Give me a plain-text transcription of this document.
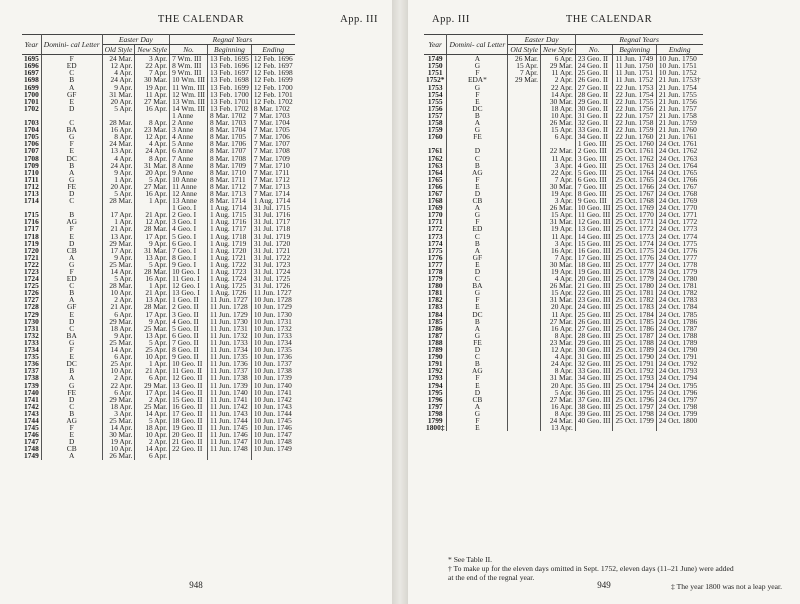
THE CALENDAR	App. III
Year	Domini- cal Letter	Easter Day		Regnal Years		
		Old Style	New Style	No.	Beginning	Ending
1695	F	24 Mar.	3 Apr.	7 Wm. III	13 Feb. 1695	12 Feb. 1696
1696	ED	12 Apr.	22 Apr.	8 Wm. III	13 Feb. 1696	12 Feb. 1697
1697	C	4 Apr.	7 Apr.	9 Wm. III	13 Feb. 1697	12 Feb. 1698
1698	B	24 Apr.	30 Mar.	10 Wm. III	13 Feb. 1698	12 Feb. 1699
1699	A	9 Apr.	19 Apr.	11 Wm. III	13 Feb. 1699	12 Feb. 1700
1700	GF	31 Mar.	11 Apr.	12 Wm. III	13 Feb. 1700	12 Feb. 1701
1701	E	20 Apr.	27 Mar.	13 Wm. III	13 Feb. 1701	12 Feb. 1702
1702	D	5 Apr.	16 Apr.	14 Wm. III	13 Feb. 1702	8 Mar. 1702
				1 Anne	8 Mar. 1702	7 Mar. 1703
1703	C	28 Mar.	8 Apr.	2 Anne	8 Mar. 1703	7 Mar. 1704
1704	BA	16 Apr.	23 Mar.	3 Anne	8 Mar. 1704	7 Mar. 1705
1705	G	8 Apr.	12 Apr.	4 Anne	8 Mar. 1705	7 Mar. 1706
1706	F	24 Mar.	4 Apr.	5 Anne	8 Mar. 1706	7 Mar. 1707
1707	E	13 Apr.	24 Apr.	6 Anne	8 Mar. 1707	7 Mar. 1708
1708	DC	4 Apr.	8 Apr.	7 Anne	8 Mar. 1708	7 Mar. 1709
1709	B	24 Apr.	31 Mar.	8 Anne	8 Mar. 1709	7 Mar. 1710
1710	A	9 Apr.	20 Apr.	9 Anne	8 Mar. 1710	7 Mar. 1711
1711	G	1 Apr.	5 Apr.	10 Anne	8 Mar. 1711	7 Mar. 1712
1712	FE	20 Apr.	27 Mar.	11 Anne	8 Mar. 1712	7 Mar. 1713
1713	D	5 Apr.	16 Apr.	12 Anne	8 Mar. 1713	7 Mar. 1714
1714	C	28 Mar.	1 Apr.	13 Anne	8 Mar. 1714	1 Aug. 1714
				1 Geo. I	1 Aug. 1714	31 Jul. 1715
1715	B	17 Apr.	21 Apr.	2 Geo. I	1 Aug. 1715	31 Jul. 1716
1716	AG	1 Apr.	12 Apr.	3 Geo. I	1 Aug. 1716	31 Jul. 1717
1717	F	21 Apr.	28 Mar.	4 Geo. I	1 Aug. 1717	31 Jul. 1718
1718	E	13 Apr.	17 Apr.	5 Geo. I	1 Aug. 1718	31 Jul. 1719
1719	D	29 Mar.	9 Apr.	6 Geo. I	1 Aug. 1719	31 Jul. 1720
1720	CB	17 Apr.	31 Mar.	7 Geo. I	1 Aug. 1720	31 Jul. 1721
1721	A	9 Apr.	13 Apr.	8 Geo. I	1 Aug. 1721	31 Jul. 1722
1722	G	25 Mar.	5 Apr.	9 Geo. I	1 Aug. 1722	31 Jul. 1723
1723	F	14 Apr.	28 Mar.	10 Geo. I	1 Aug. 1723	31 Jul. 1724
1724	ED	5 Apr.	16 Apr.	11 Geo. I	1 Aug. 1724	31 Jul. 1725
1725	C	28 Mar.	1 Apr.	12 Geo. I	1 Aug. 1725	31 Jul. 1726
1726	B	10 Apr.	21 Apr.	13 Geo. I	1 Aug. 1726	11 Jun. 1727
1727	A	2 Apr.	13 Apr.	1 Geo. II	11 Jun. 1727	10 Jun. 1728
1728	GF	21 Apr.	28 Mar.	2 Geo. II	11 Jun. 1728	10 Jun. 1729
1729	E	6 Apr.	17 Apr.	3 Geo. II	11 Jun. 1729	10 Jun. 1730
1730	D	29 Mar.	9 Apr.	4 Geo. II	11 Jun. 1730	10 Jun. 1731
1731	C	18 Apr.	25 Mar.	5 Geo. II	11 Jun. 1731	10 Jun. 1732
1732	BA	9 Apr.	13 Apr.	6 Geo. II	11 Jun. 1732	10 Jun. 1733
1733	G	25 Mar.	5 Apr.	7 Geo. II	11 Jun. 1733	10 Jun. 1734
1734	F	14 Apr.	25 Apr.	8 Geo. II	11 Jun. 1734	10 Jun. 1735
1735	E	6 Apr.	10 Apr.	9 Geo. II	11 Jun. 1735	10 Jun. 1736
1736	DC	25 Apr.	1 Apr.	10 Geo. II	11 Jun. 1736	10 Jun. 1737
1737	B	10 Apr.	21 Apr.	11 Geo. II	11 Jun. 1737	10 Jun. 1738
1738	A	2 Apr.	6 Apr.	12 Geo. II	11 Jun. 1738	10 Jun. 1739
1739	G	22 Apr.	29 Mar.	13 Geo. II	11 Jun. 1739	10 Jun. 1740
1740	FE	6 Apr.	17 Apr.	14 Geo. II	11 Jun. 1740	10 Jun. 1741
1741	D	29 Mar.	2 Apr.	15 Geo. II	11 Jun. 1741	10 Jun. 1742
1742	C	18 Apr.	25 Mar.	16 Geo. II	11 Jun. 1742	10 Jun. 1743
1743	B	3 Apr.	14 Apr.	17 Geo. II	11 Jun. 1743	10 Jun. 1744
1744	AG	25 Mar.	5 Apr.	18 Geo. II	11 Jun. 1744	10 Jun. 1745
1745	F	14 Apr.	18 Apr.	19 Geo. II	11 Jun. 1745	10 Jun. 1746
1746	E	30 Mar.	10 Apr.	20 Geo. II	11 Jun. 1746	10 Jun. 1747
1747	D	19 Apr.	2 Apr.	21 Geo. II	11 Jun. 1747	10 Jun. 1748
1748	CB	10 Apr.	14 Apr.	22 Geo. II	11 Jun. 1748	10 Jun. 1749
1749	A	26 Mar.	6 Apr.			
948
App. III	THE CALENDAR
Year	Domini- cal Letter	Easter Day		Regnal Years		
		Old Style	New Style	No.	Beginning	Ending
1749	A	26 Mar.	6 Apr.	23 Geo. II	11 Jun. 1749	10 Jun. 1750
1750	G	15 Apr.	29 Mar.	24 Geo. II	11 Jun. 1750	10 Jun. 1751
1751	F	7 Apr.	11 Apr.	25 Geo. II	11 Jun. 1751	10 Jun. 1752
1752*	EDA*	29 Mar.	2 Apr.	26 Geo. II	11 Jun. 1752	21 Jun. 1753†
1753	G		22 Apr.	27 Geo. II	22 Jun. 1753	21 Jun. 1754
1754	F		14 Apr.	28 Geo. II	22 Jun. 1754	21 Jun. 1755
1755	E		30 Mar.	29 Geo. II	22 Jun. 1755	21 Jun. 1756
1756	DC		18 Apr.	30 Geo. II	22 Jun. 1756	21 Jun. 1757
1757	B		10 Apr.	31 Geo. II	22 Jun. 1757	21 Jun. 1758
1758	A		26 Mar.	32 Geo. II	22 Jun. 1758	21 Jun. 1759
1759	G		15 Apr.	33 Geo. II	22 Jun. 1759	21 Jun. 1760
1760	FE		6 Apr.	34 Geo. II	22 Jun. 1760	21 Jun. 1761
				1 Geo. III	25 Oct. 1760	24 Oct. 1761
1761	D		22 Mar.	2 Geo. III	25 Oct. 1761	24 Oct. 1762
1762	C		11 Apr.	3 Geo. III	25 Oct. 1762	24 Oct. 1763
1763	B		3 Apr.	4 Geo. III	25 Oct. 1763	24 Oct. 1764
1764	AG		22 Apr.	5 Geo. III	25 Oct. 1764	24 Oct. 1765
1765	F		7 Apr.	6 Geo. III	25 Oct. 1765	24 Oct. 1766
1766	E		30 Mar.	7 Geo. III	25 Oct. 1766	24 Oct. 1767
1767	D		19 Apr.	8 Geo. III	25 Oct. 1767	24 Oct. 1768
1768	CB		3 Apr.	9 Geo. III	25 Oct. 1768	24 Oct. 1769
1769	A		26 Mar.	10 Geo. III	25 Oct. 1769	24 Oct. 1770
1770	G		15 Apr.	11 Geo. III	25 Oct. 1770	24 Oct. 1771
1771	F		31 Mar.	12 Geo. III	25 Oct. 1771	24 Oct. 1772
1772	ED		19 Apr.	13 Geo. III	25 Oct. 1772	24 Oct. 1773
1773	C		11 Apr.	14 Geo. III	25 Oct. 1773	24 Oct. 1774
1774	B		3 Apr.	15 Geo. III	25 Oct. 1774	24 Oct. 1775
1775	A		16 Apr.	16 Geo. III	25 Oct. 1775	24 Oct. 1776
1776	GF		7 Apr.	17 Geo. III	25 Oct. 1776	24 Oct. 1777
1777	E		30 Mar.	18 Geo. III	25 Oct. 1777	24 Oct. 1778
1778	D		19 Apr.	19 Geo. III	25 Oct. 1778	24 Oct. 1779
1779	C		4 Apr.	20 Geo. III	25 Oct. 1779	24 Oct. 1780
1780	BA		26 Mar.	21 Geo. III	25 Oct. 1780	24 Oct. 1781
1781	G		15 Apr.	22 Geo. III	25 Oct. 1781	24 Oct. 1782
1782	F		31 Mar.	23 Geo. III	25 Oct. 1782	24 Oct. 1783
1783	E		20 Apr.	24 Geo. III	25 Oct. 1783	24 Oct. 1784
1784	DC		11 Apr.	25 Geo. III	25 Oct. 1784	24 Oct. 1785
1785	B		27 Mar.	26 Geo. III	25 Oct. 1785	24 Oct. 1786
1786	A		16 Apr.	27 Geo. III	25 Oct. 1786	24 Oct. 1787
1787	G		8 Apr.	28 Geo. III	25 Oct. 1787	24 Oct. 1788
1788	FE		23 Mar.	29 Geo. III	25 Oct. 1788	24 Oct. 1789
1789	D		12 Apr.	30 Geo. III	25 Oct. 1789	24 Oct. 1790
1790	C		4 Apr.	31 Geo. III	25 Oct. 1790	24 Oct. 1791
1791	B		24 Apr.	32 Geo. III	25 Oct. 1791	24 Oct. 1792
1792	AG		8 Apr.	33 Geo. III	25 Oct. 1792	24 Oct. 1793
1793	F		31 Mar.	34 Geo. III	25 Oct. 1793	24 Oct. 1794
1794	E		20 Apr.	35 Geo. III	25 Oct. 1794	24 Oct. 1795
1795	D		5 Apr.	36 Geo. III	25 Oct. 1795	24 Oct. 1796
1796	CB		27 Mar.	37 Geo. III	25 Oct. 1796	24 Oct. 1797
1797	A		16 Apr.	38 Geo. III	25 Oct. 1797	24 Oct. 1798
1798	G		8 Apr.	39 Geo. III	25 Oct. 1798	24 Oct. 1799
1799	F		24 Mar.	40 Geo. III	25 Oct. 1799	24 Oct. 1800
1800‡	E		13 Apr.			
* See Table II.
† To make up for the eleven days omitted in Sept. 1752, eleven days (11–21 June) were added
at the end of the regnal year.
‡ The year 1800 was not a leap year.
949
